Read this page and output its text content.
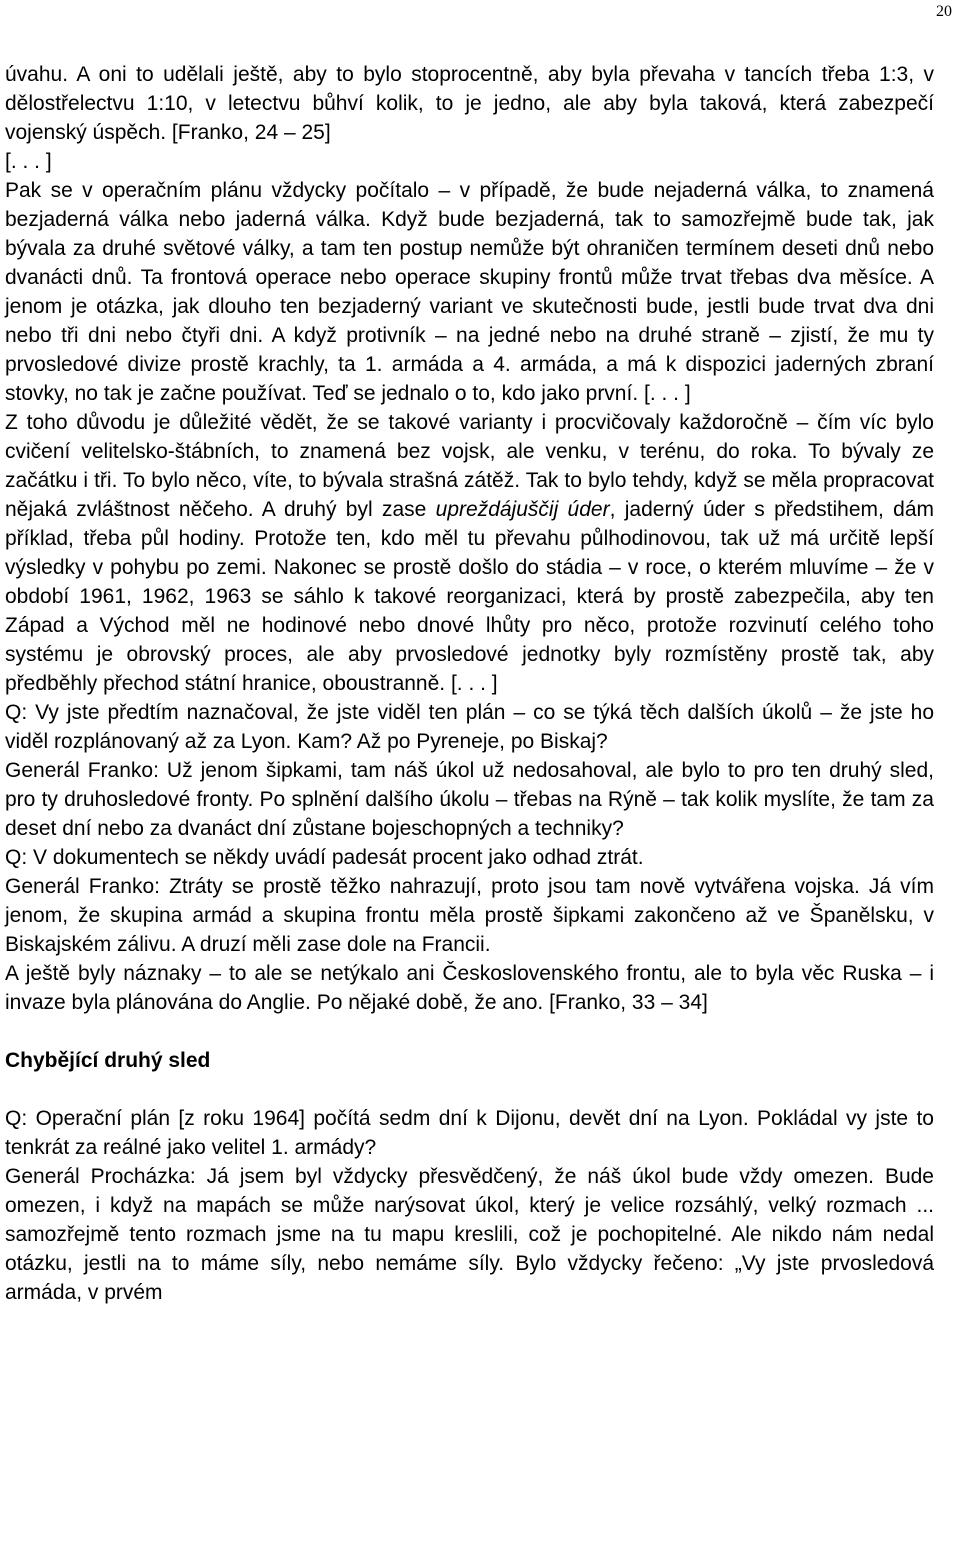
20

úvahu. A oni to udělali ještě, aby to bylo stoprocentně, aby byla převaha v tancích třeba 1:3, v dělostřelectvu 1:10, v letectvu bůhví kolik, to je jedno, ale aby byla taková, která zabezpečí vojenský úspěch. [Franko, 24 – 25]

[. . . ]

Pak se v operačním plánu vždycky počítalo – v případě, že bude nejaderná válka, to znamená bezjaderná válka nebo jaderná válka. Když bude bezjaderná, tak to samozřejmě bude tak, jak bývala za druhé světové války, a tam ten postup nemůže být ohraničen termínem deseti dnů nebo dvanácti dnů. Ta frontová operace nebo operace skupiny frontů může trvat třebas dva měsíce. A jenom je otázka, jak dlouho ten bezjaderný variant ve skutečnosti bude, jestli bude trvat dva dni nebo tři dni nebo čtyři dni. A když protivník – na jedné nebo na druhé straně – zjistí, že mu ty prvosledové divize prostě krachly, ta 1. armáda a 4. armáda, a má k dispozici jaderných zbraní stovky, no tak je začne používat. Teď se jednalo o to, kdo jako první. [. . . ]

Z toho důvodu je důležité vědět, že se takové varianty i procvičovaly každoročně – čím víc bylo cvičení velitelsko-štábních, to znamená bez vojsk, ale venku, v terénu, do roka. To bývaly ze začátku i tři. To bylo něco, víte, to bývala strašná zátěž. Tak to bylo tehdy, když se měla propracovat nějaká zvláštnost něčeho. A druhý byl zase upreždájuščij úder, jaderný úder s předstihem, dám příklad, třeba půl hodiny. Protože ten, kdo měl tu převahu půlhodinovou, tak už má určitě lepší výsledky v pohybu po zemi. Nakonec se prostě došlo do stádia – v roce, o kterém mluvíme – že v období 1961, 1962, 1963 se sáhlo k takové reorganizaci, která by prostě zabezpečila, aby ten Západ a Východ měl ne hodinové nebo dnové lhůty pro něco, protože rozvinutí celého toho systému je obrovský proces, ale aby prvosledové jednotky byly rozmístěny prostě tak, aby předběhly přechod státní hranice, oboustranně. [. . . ]

Q: Vy jste předtím naznačoval, že jste viděl ten plán – co se týká těch dalších úkolů – že jste ho viděl rozplánovaný až za Lyon. Kam? Až po Pyreneje, po Biskaj?

Generál Franko: Už jenom šipkami, tam náš úkol už nedosahoval, ale bylo to pro ten druhý sled, pro ty druhosledové fronty. Po splnění dalšího úkolu – třebas na Rýně – tak kolik myslíte, že tam za deset dní nebo za dvanáct dní zůstane bojeschopných a techniky?

Q: V dokumentech se někdy uvádí padesát procent jako odhad ztrát.

Generál Franko: Ztráty se prostě těžko nahrazují, proto jsou tam nově vytvářena vojska. Já vím jenom, že skupina armád a skupina frontu měla prostě šipkami zakončeno až ve Španělsku, v Biskajském zálivu. A druzí měli zase dole na Francii.

A ještě byly náznaky – to ale se netýkalo ani Československého frontu, ale to byla věc Ruska – i invaze byla plánována do Anglie. Po nějaké době, že ano. [Franko, 33 – 34]

Chybějící druhý sled

Q: Operační plán [z roku 1964] počítá sedm dní k Dijonu, devět dní na Lyon. Pokládal vy jste to tenkrát za reálné jako velitel 1. armády?

Generál Procházka: Já jsem byl vždycky přesvědčený, že náš úkol bude vždy omezen. Bude omezen, i když na mapách se může narýsovat úkol, který je velice rozsáhlý, velký rozmach ... samozřejmě tento rozmach jsme na tu mapu kreslili, což je pochopitelné. Ale nikdo nám nedal otázku, jestli na to máme síly, nebo nemáme síly. Bylo vždycky řečeno: „Vy jste prvosledová armáda, v prvém
